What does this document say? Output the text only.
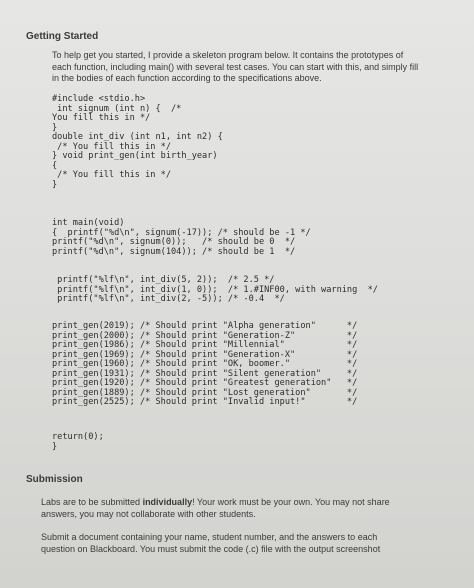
Getting Started
To help get you started, I provide a skeleton program below. It contains the prototypes of
each function, including main() with several test cases. You can start with this, and simply fill
in the bodies of each function according to the specifications above.
#include <stdio.h>
int signum (int n) {  /*
You fill this in */
}
double int_div (int n1, int n2) {
/* You fill this in */
} void print_gen(int birth_year)
{
/* You fill this in */
}
int main(void)
{  printf("%d\n", signum(-17)); /* should be -1 */
printf("%d\n", signum(0));   /* should be 0  */
printf("%d\n", signum(104)); /* should be 1  */
printf("%lf\n", int_div(5, 2));  /* 2.5 */
printf("%lf\n", int_div(1, 0));  /* 1.#INF00, with warning  */
printf("%lf\n", int_div(2, -5)); /* -0.4  */
print_gen(2019); /* Should print "Alpha generation"      */
print_gen(2000); /* Should print "Generation-Z"          */
print_gen(1986); /* Should print "Millennial"            */
print_gen(1969); /* Should print "Generation-X"          */
print_gen(1960); /* Should print "OK, boomer."           */
print_gen(1931); /* Should print "Silent generation"     */
print_gen(1920); /* Should print "Greatest generation"   */
print_gen(1889); /* Should print "Lost generation"       */
print_gen(2525); /* Should print "Invalid input!"        */
return(0);
}
Submission
Labs are to be submitted individually! Your work must be your own. You may not share
answers, you may not collaborate with other students.
Submit a document containing your name, student number, and the answers to each
question on Blackboard. You must submit the code (.c) file with the output screenshot
